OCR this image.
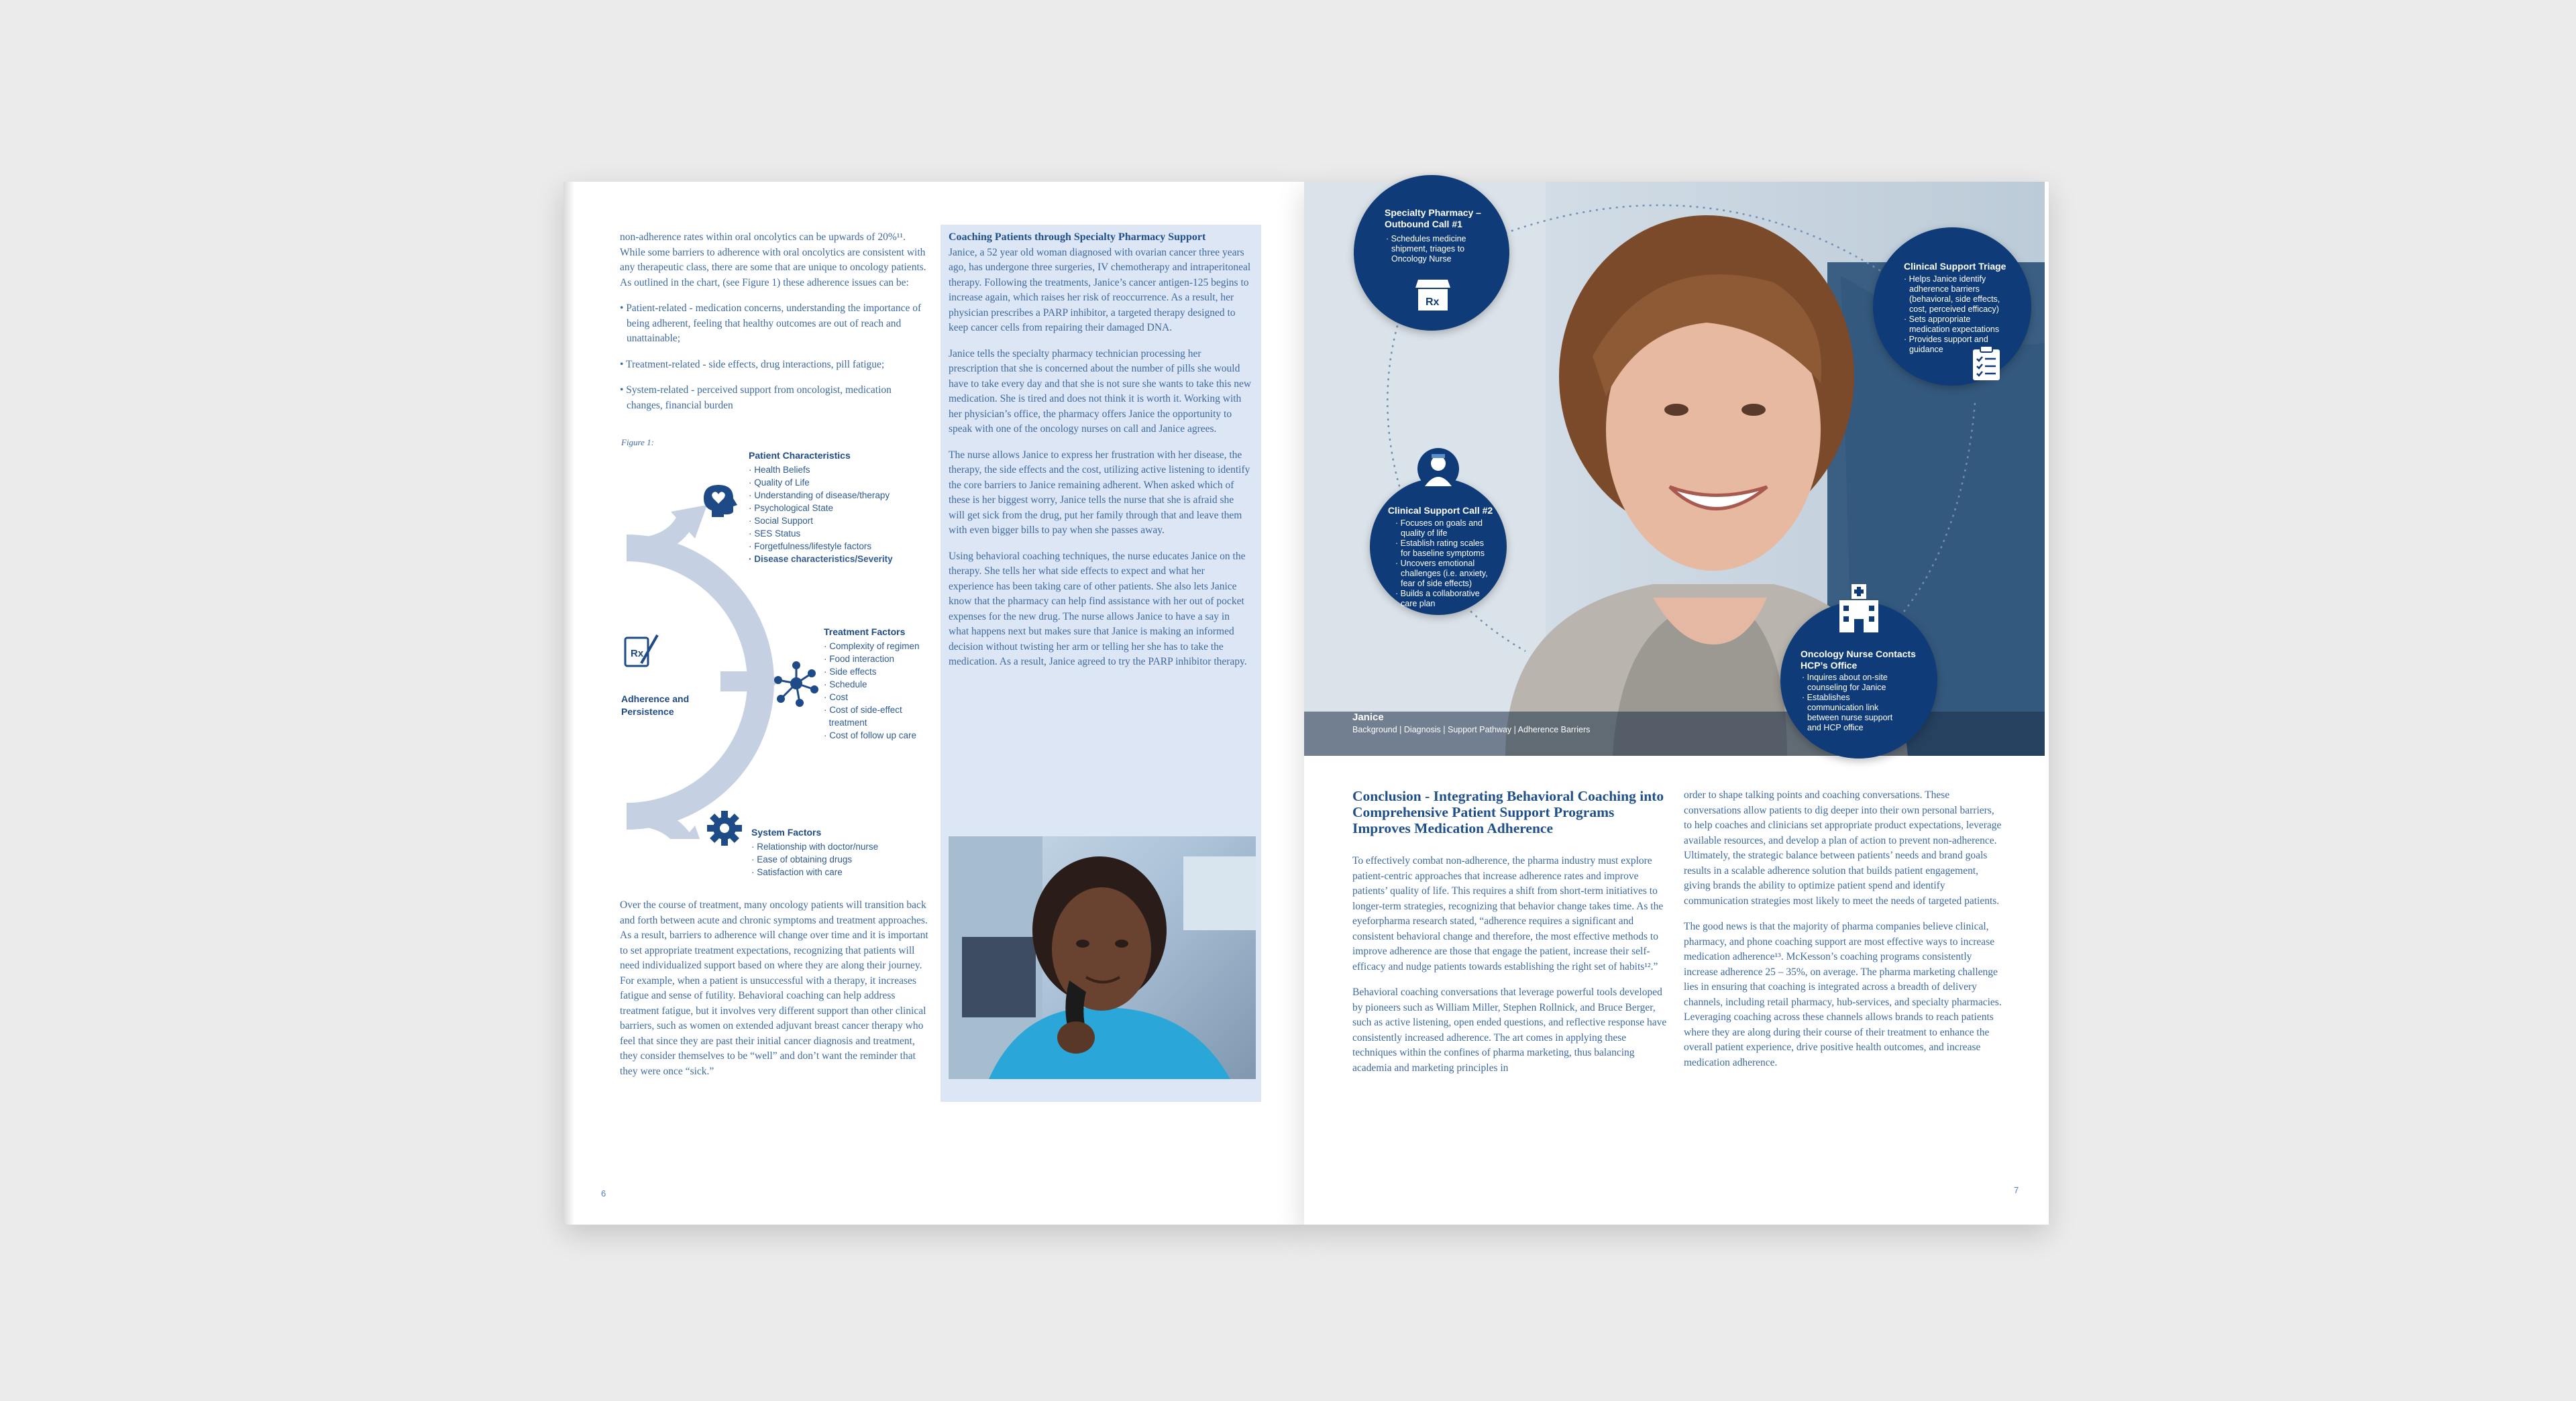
non-adherence rates within oral oncolytics can be upwards of 20%¹¹. While some barriers to adherence with oral oncolytics are consistent with any therapeutic class, there are some that are unique to oncology patients. As outlined in the chart, (see Figure 1) these adherence issues can be:

• Patient-related - medication concerns, understanding the importance of being adherent, feeling that healthy outcomes are out of reach and unattainable;

• Treatment-related - side effects, drug interactions, pill fatigue;

• System-related - perceived support from oncologist, medication changes, financial burden

Figure 1:
Rx
Patient Characteristics
· Health Beliefs
· Quality of Life
· Understanding of disease/therapy
· Psychological State
· Social Support
· SES Status
· Forgetfulness/lifestyle factors
· Disease characteristics/Severity
Adherence and Persistence
Treatment Factors
· Complexity of regimen
· Food interaction
· Side effects
· Schedule
· Cost
· Cost of side-effect
treatment
· Cost of follow up care
System Factors
· Relationship with doctor/nurse
· Ease of obtaining drugs
· Satisfaction with care
Over the course of treatment, many oncology patients will transition back and forth between acute and chronic symptoms and treatment approaches. As a result, barriers to adherence will change over time and it is important to set appropriate treatment expectations, recognizing that patients will need individualized support based on where they are along their journey. For example, when a patient is unsuccessful with a therapy, it increases fatigue and sense of futility. Behavioral coaching can help address treatment fatigue, but it involves very different support than other clinical barriers, such as women on extended adjuvant breast cancer therapy who feel that since they are past their initial cancer diagnosis and treatment, they consider themselves to be “well” and don’t want the reminder that they were once “sick.”
Coaching Patients through Specialty Pharmacy Support

Janice, a 52 year old woman diagnosed with ovarian cancer three years ago, has undergone three surgeries, IV chemotherapy and intraperitoneal therapy. Following the treatments, Janice’s cancer antigen-125 begins to increase again, which raises her risk of reoccurrence. As a result, her physician prescribes a PARP inhibitor, a targeted therapy designed to keep cancer cells from repairing their damaged DNA.

Janice tells the specialty pharmacy technician processing her prescription that she is concerned about the number of pills she would have to take every day and that she is not sure she wants to take this new medication. She is tired and does not think it is worth it. Working with her physician’s office, the pharmacy offers Janice the opportunity to speak with one of the oncology nurses on call and Janice agrees.

The nurse allows Janice to express her frustration with her disease, the therapy, the side effects and the cost, utilizing active listening to identify the core barriers to Janice remaining adherent. When asked which of these is her biggest worry, Janice tells the nurse that she is afraid she will get sick from the drug, put her family through that and leave them with even bigger bills to pay when she passes away.

Using behavioral coaching techniques, the nurse educates Janice on the therapy. She tells her what side effects to expect and what her experience has been taking care of other patients. She also lets Janice know that the pharmacy can help find assistance with her out of pocket expenses for the new drug. The nurse allows Janice to have a say in what happens next but makes sure that Janice is making an informed decision without twisting her arm or telling her she has to take the medication. As a result, Janice agreed to try the PARP inhibitor therapy.

6
Specialty Pharmacy – Outbound Call #1
· Schedules medicine shipment, triages to Oncology Nurse
Rx
Clinical Support Triage
· Helps Janice identify adherence barriers (behavioral, side effects, cost, perceived efficacy)
· Sets appropriate medication expectations
· Provides support and guidance
Clinical Support Call #2
· Focuses on goals and quality of life
· Establish rating scales for baseline symptoms
· Uncovers emotional challenges (i.e. anxiety, fear of side effects)
· Builds a collaborative care plan
Oncology Nurse Contacts HCP’s Office
· Inquires about on-site counseling for Janice
· Establishes communication link between nurse support and HCP office
Janice
Background | Diagnosis | Support Pathway | Adherence Barriers
Conclusion - Integrating Behavioral Coaching into Comprehensive Patient Support Programs Improves Medication Adherence

To effectively combat non-adherence, the pharma industry must explore patient-centric approaches that increase adherence rates and improve patients’ quality of life. This requires a shift from short-term initiatives to longer-term strategies, recognizing that behavior change takes time. As the eyeforpharma research stated, “adherence requires a significant and consistent behavioral change and therefore, the most effective methods to improve adherence are those that engage the patient, increase their self-efficacy and nudge patients towards establishing the right set of habits¹².”

Behavioral coaching conversations that leverage powerful tools developed by pioneers such as William Miller, Stephen Rollnick, and Bruce Berger, such as active listening, open ended questions, and reflective response have consistently increased adherence. The art comes in applying these techniques within the confines of pharma marketing, thus balancing academia and marketing principles in

order to shape talking points and coaching conversations. These conversations allow patients to dig deeper into their own personal barriers, to help coaches and clinicians set appropriate product expectations, leverage available resources, and develop a plan of action to prevent non-adherence. Ultimately, the strategic balance between patients’ needs and brand goals results in a scalable adherence solution that builds patient engagement, giving brands the ability to optimize patient spend and identify communication strategies most likely to meet the needs of targeted patients.

The good news is that the majority of pharma companies believe clinical, pharmacy, and phone coaching support are most effective ways to increase medication adherence¹³. McKesson’s coaching programs consistently increase adherence 25 – 35%, on average. The pharma marketing challenge lies in ensuring that coaching is integrated across a breadth of delivery channels, including retail pharmacy, hub-services, and specialty pharmacies. Leveraging coaching across these channels allows brands to reach patients where they are along during their course of their treatment to enhance the overall patient experience, drive positive health outcomes, and increase medication adherence.

7
